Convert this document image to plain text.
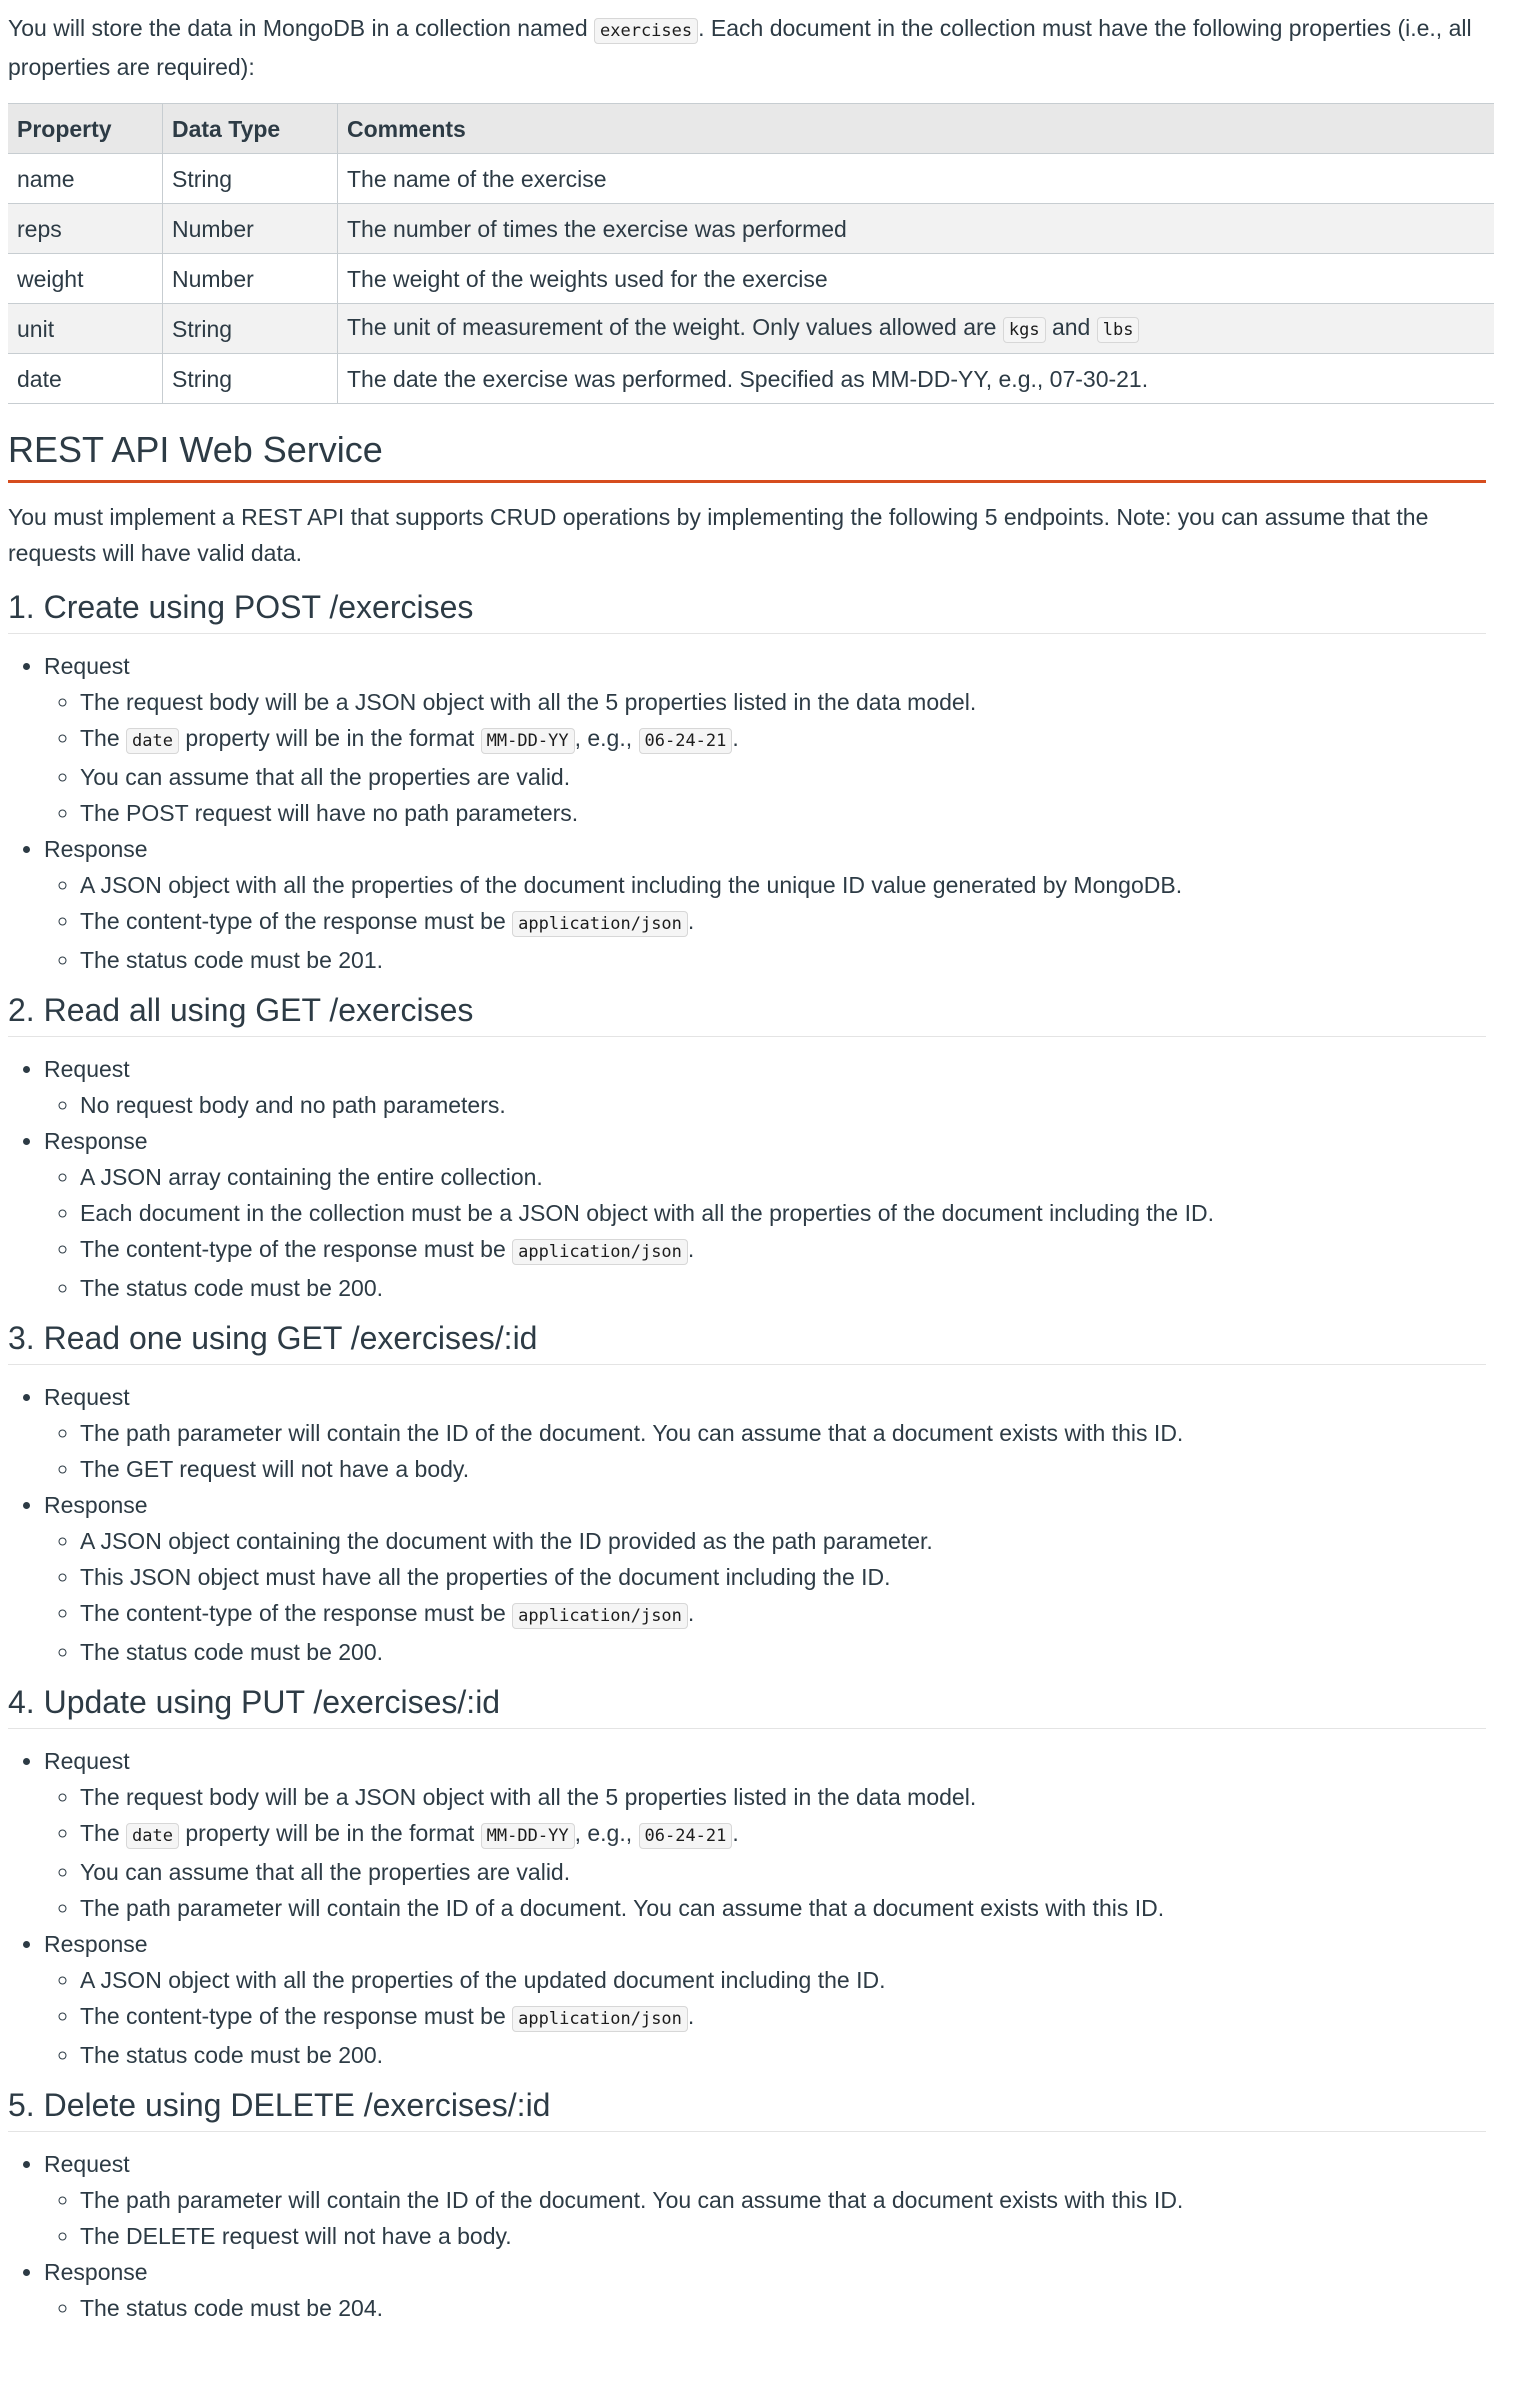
You will store the data in MongoDB in a collection named exercises . Each document in the collection must have the following properties (i.e., all properties are required):

Property	Data Type	Comments
name	String	The name of the exercise
reps	Number	The number of times the exercise was performed
weight	Number	The weight of the weights used for the exercise
unit	String	The unit of measurement of the weight. Only values allowed are kgs and lbs
date	String	The date the exercise was performed. Specified as MM-DD-YY, e.g., 07-30-21.
REST API Web Service

You must implement a REST API that supports CRUD operations by implementing the following 5 endpoints. Note: you can assume that the requests will have valid data.

1. Create using POST /exercises
• Request
◦ The request body will be a JSON object with all the 5 properties listed in the data model.
◦ The date property will be in the format MM-DD-YY , e.g., 06-24-21 .
◦ You can assume that all the properties are valid.
◦ The POST request will have no path parameters.
• Response
◦ A JSON object with all the properties of the document including the unique ID value generated by MongoDB.
◦ The content-type of the response must be application/json .
◦ The status code must be 201.
2. Read all using GET /exercises
• Request
◦ No request body and no path parameters.
• Response
◦ A JSON array containing the entire collection.
◦ Each document in the collection must be a JSON object with all the properties of the document including the ID.
◦ The content-type of the response must be application/json .
◦ The status code must be 200.
3. Read one using GET /exercises/:id
• Request
◦ The path parameter will contain the ID of the document. You can assume that a document exists with this ID.
◦ The GET request will not have a body.
• Response
◦ A JSON object containing the document with the ID provided as the path parameter.
◦ This JSON object must have all the properties of the document including the ID.
◦ The content-type of the response must be application/json .
◦ The status code must be 200.
4. Update using PUT /exercises/:id
• Request
◦ The request body will be a JSON object with all the 5 properties listed in the data model.
◦ The date property will be in the format MM-DD-YY , e.g., 06-24-21 .
◦ You can assume that all the properties are valid.
◦ The path parameter will contain the ID of a document. You can assume that a document exists with this ID.
• Response
◦ A JSON object with all the properties of the updated document including the ID.
◦ The content-type of the response must be application/json .
◦ The status code must be 200.
5. Delete using DELETE /exercises/:id
• Request
◦ The path parameter will contain the ID of the document. You can assume that a document exists with this ID.
◦ The DELETE request will not have a body.
• Response
◦ The status code must be 204.
